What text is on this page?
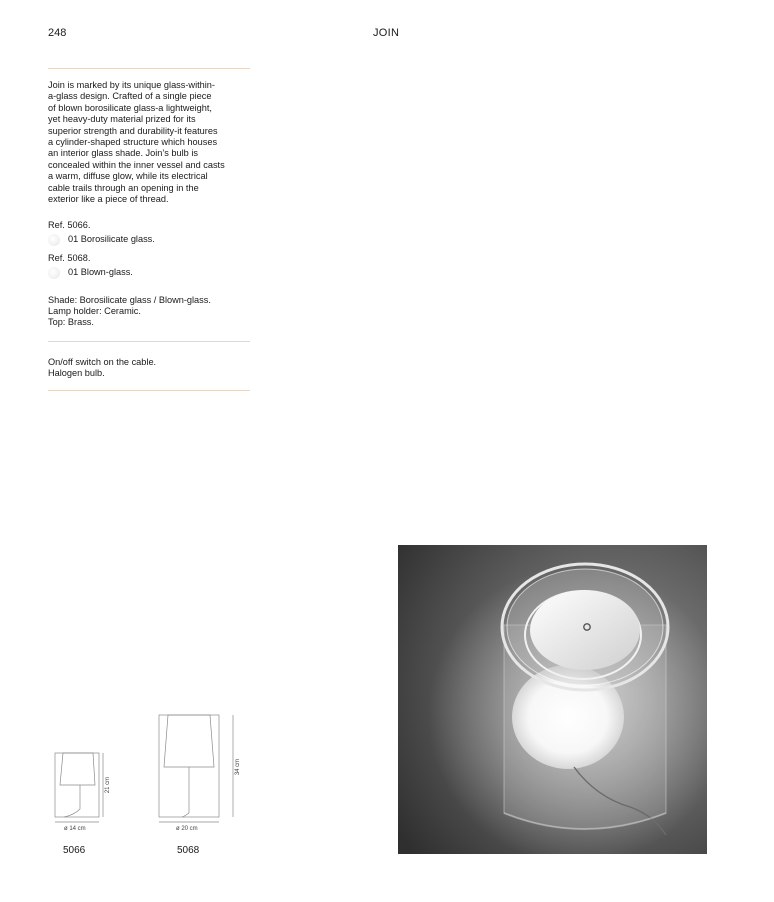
248	JOIN
Join is marked by its unique glass-within-
a-glass design. Crafted of a single piece
of blown borosilicate glass-a lightweight,
yet heavy-duty material prized for its
superior strength and durability-it features
a cylinder-shaped structure which houses
an interior glass shade. Join’s bulb is
concealed within the inner vessel and casts
a warm, diffuse glow, while its electrical
cable trails through an opening in the
exterior like a piece of thread.
Ref. 5066.
01 Borosilicate glass.
Ref. 5068.
01 Blown-glass.
Shade: Borosilicate glass / Blown-glass.
Lamp holder: Ceramic.
Top: Brass.
On/off switch on the cable.
Halogen bulb.
21 cm
ø 14 cm
34 cm
ø 20 cm
5066	5068
